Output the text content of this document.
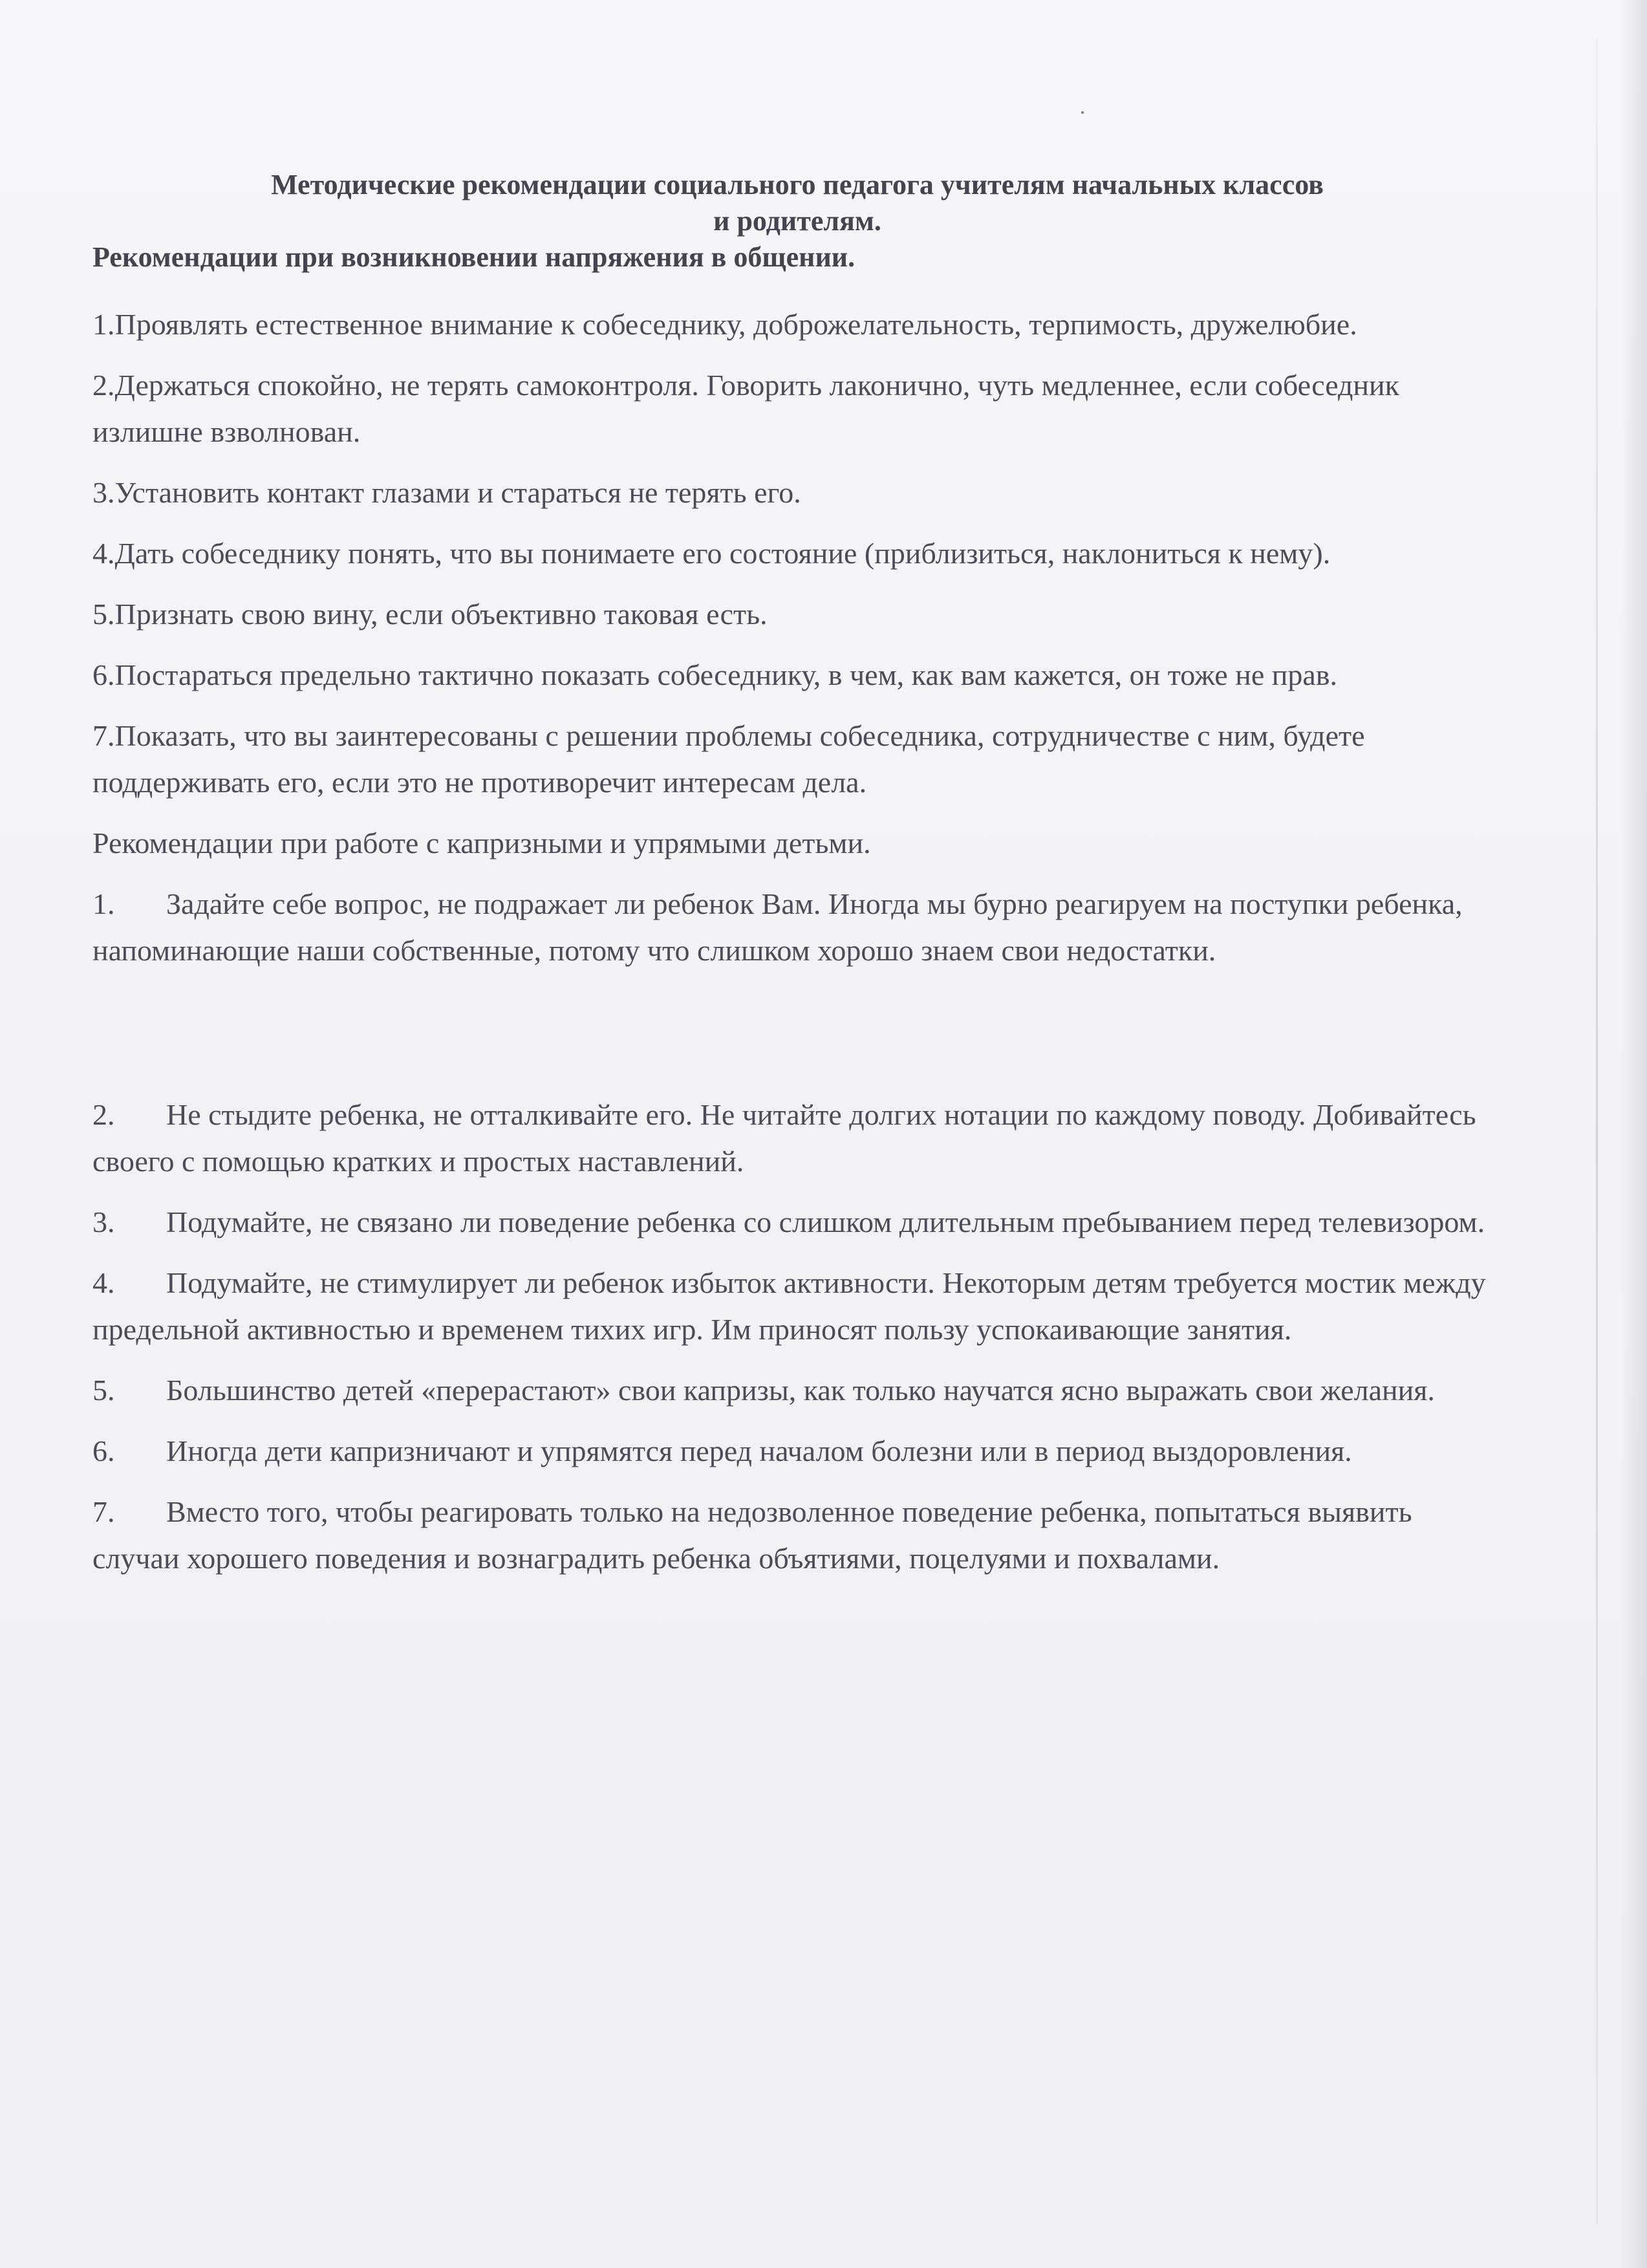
Методические рекомендации социального педагога учителям начальных классов

и родителям.

Рекомендации при возникновении напряжения в общении.

1.Проявлять естественное внимание к собеседнику, доброжелательность, терпимость, дружелюбие.

2.Держаться спокойно, не терять самоконтроля. Говорить лаконично, чуть медленнее, если собеседник излишне взволнован.

3.Установить контакт глазами и стараться не терять его.

4.Дать собеседнику понять, что вы понимаете его состояние (приблизиться, наклониться к нему).

5.Признать свою вину, если объективно таковая есть.

6.Постараться предельно тактично показать собеседнику, в чем, как вам кажется, он тоже не прав.

7.Показать, что вы заинтересованы с решении проблемы собеседника, сотрудничестве с ним, будете поддерживать его, если это не противоречит интересам дела.

Рекомендации при работе с капризными и упрямыми детьми.

1. Задайте себе вопрос, не подражает ли ребенок Вам. Иногда мы бурно реагируем на поступки ребенка, напоминающие наши собственные, потому что слишком хорошо знаем свои недостатки.

2. Не стыдите ребенка, не отталкивайте его. Не читайте долгих нотации по каждому поводу. Добивайтесь своего с помощью кратких и простых наставлений.

3. Подумайте, не связано ли поведение ребенка со слишком длительным пребыванием перед телевизором.

4. Подумайте, не стимулирует ли ребенок избыток активности. Некоторым детям требуется мостик между предельной активностью и временем тихих игр. Им приносят пользу успокаивающие занятия.

5. Большинство детей «перерастают» свои капризы, как только научатся ясно выражать свои желания.

6. Иногда дети капризничают и упрямятся перед началом болезни или в период выздоровления.

7. Вместо того, чтобы реагировать только на недозволенное поведение ребенка, попытаться выявить случаи хорошего поведения и вознаградить ребенка объятиями, поцелуями и похвалами.
